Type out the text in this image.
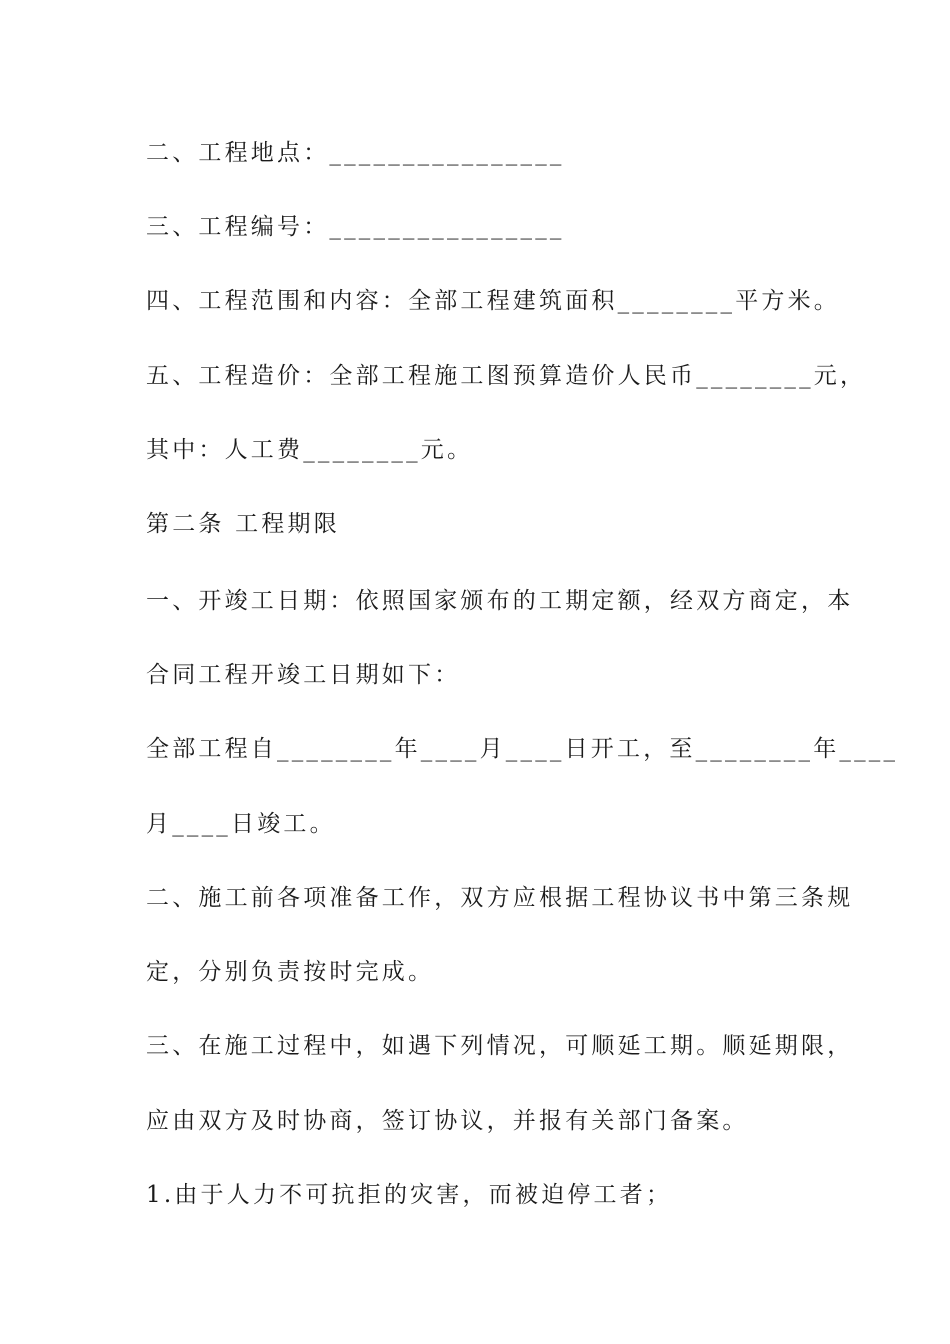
二、工程地点：________________
三、工程编号：________________
四、工程范围和内容：全部工程建筑面积________平方米。
五、工程造价：全部工程施工图预算造价人民币________元，
其中：人工费________元。
第二条 工程期限
一、开竣工日期：依照国家颁布的工期定额，经双方商定，本
合同工程开竣工日期如下：
全部工程自________年____月____日开工，至________年____
月____日竣工。
二、施工前各项准备工作，双方应根据工程协议书中第三条规
定，分别负责按时完成。
三、在施工过程中，如遇下列情况，可顺延工期。顺延期限，
应由双方及时协商，签订协议，并报有关部门备案。
1.由于人力不可抗拒的灾害，而被迫停工者；
